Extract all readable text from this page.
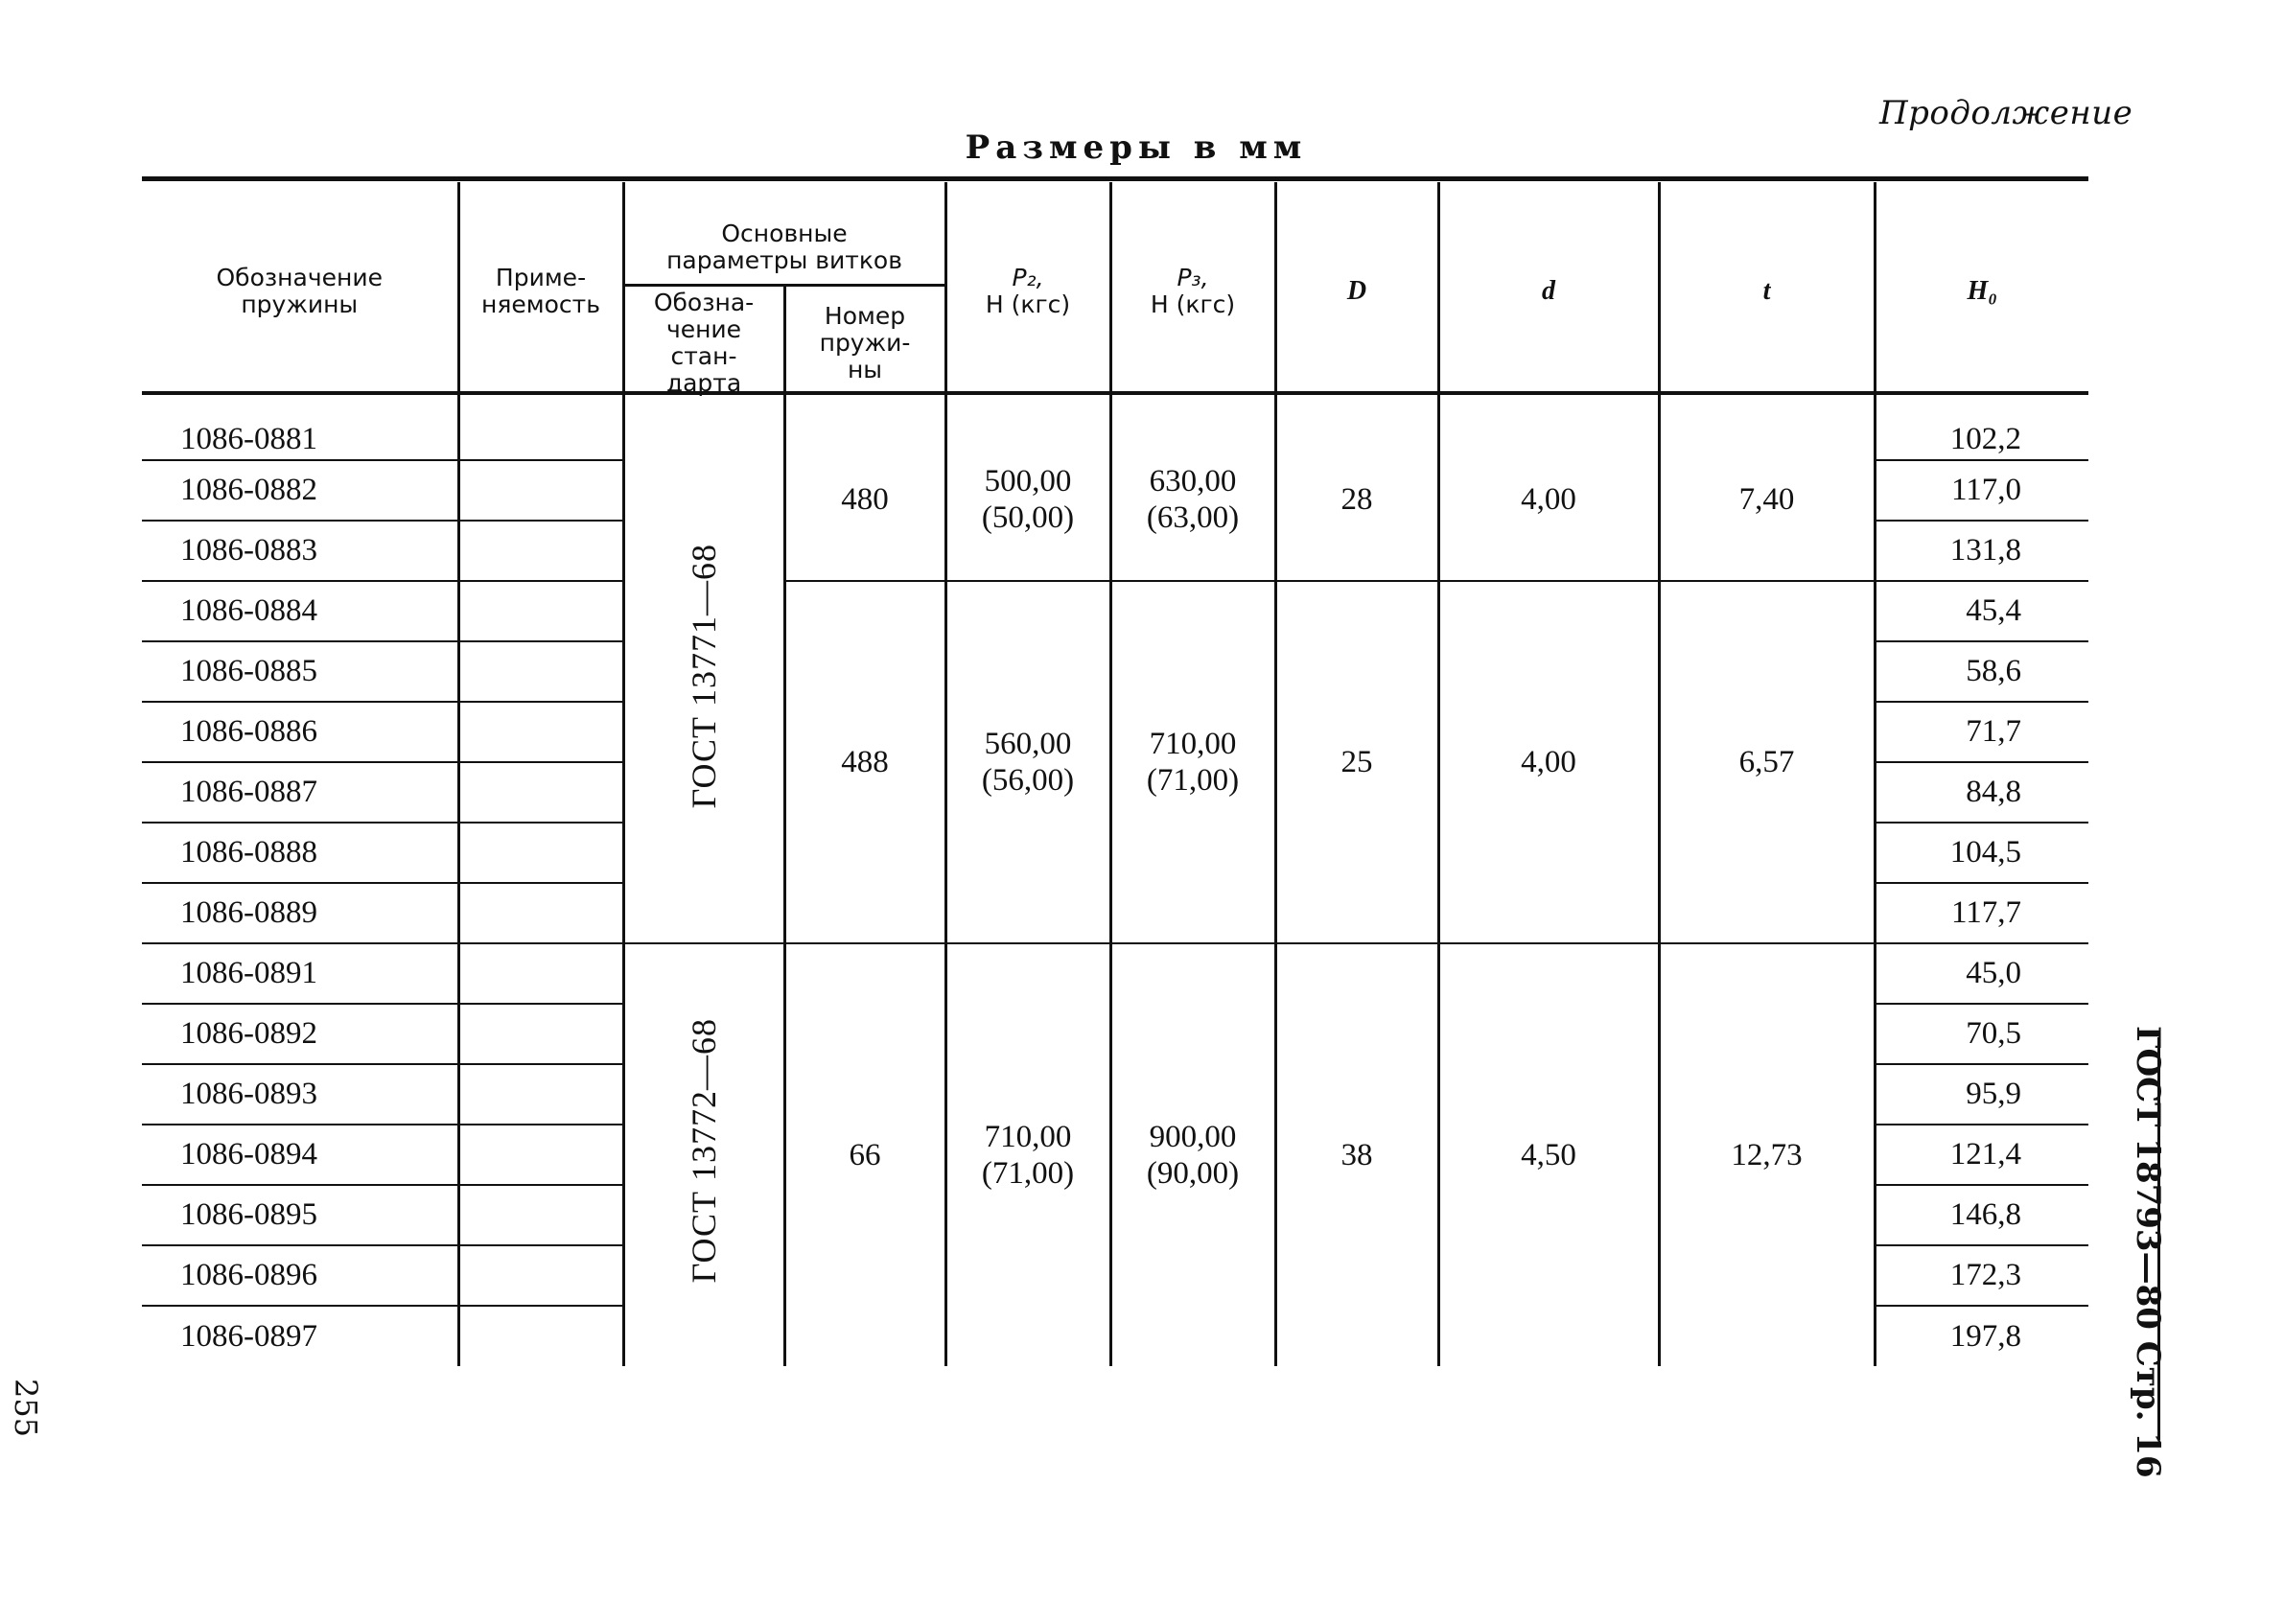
Продолжение
Размеры в мм
Обозначение пружины	Приме-няемость	Основные параметры витков		P₂,
Н (кгс)	P₃,
Н (кгс)	D	d	t	H₀
		Обозна-чение стан-дарта	Номер пружи-ны						
1086-0881		ГОСТ 13771—68	480	500,00
(50,00)	630,00
(63,00)	28	4,00	7,40	102,2
1086-0882									117,0
1086-0883									131,8
1086-0884			488	560,00
(56,00)	710,00
(71,00)	25	4,00	6,57	45,4
1086-0885									58,6
1086-0886									71,7
1086-0887									84,8
1086-0888									104,5
1086-0889									117,7
1086-0891		ГОСТ 13772—68	66	710,00
(71,00)	900,00
(90,00)	38	4,50	12,73	45,0
1086-0892									70,5
1086-0893									95,9
1086-0894									121,4
1086-0895									146,8
1086-0896									172,3
1086-0897									197,8
255	ГОСТ 18793—80 Стр. 16
